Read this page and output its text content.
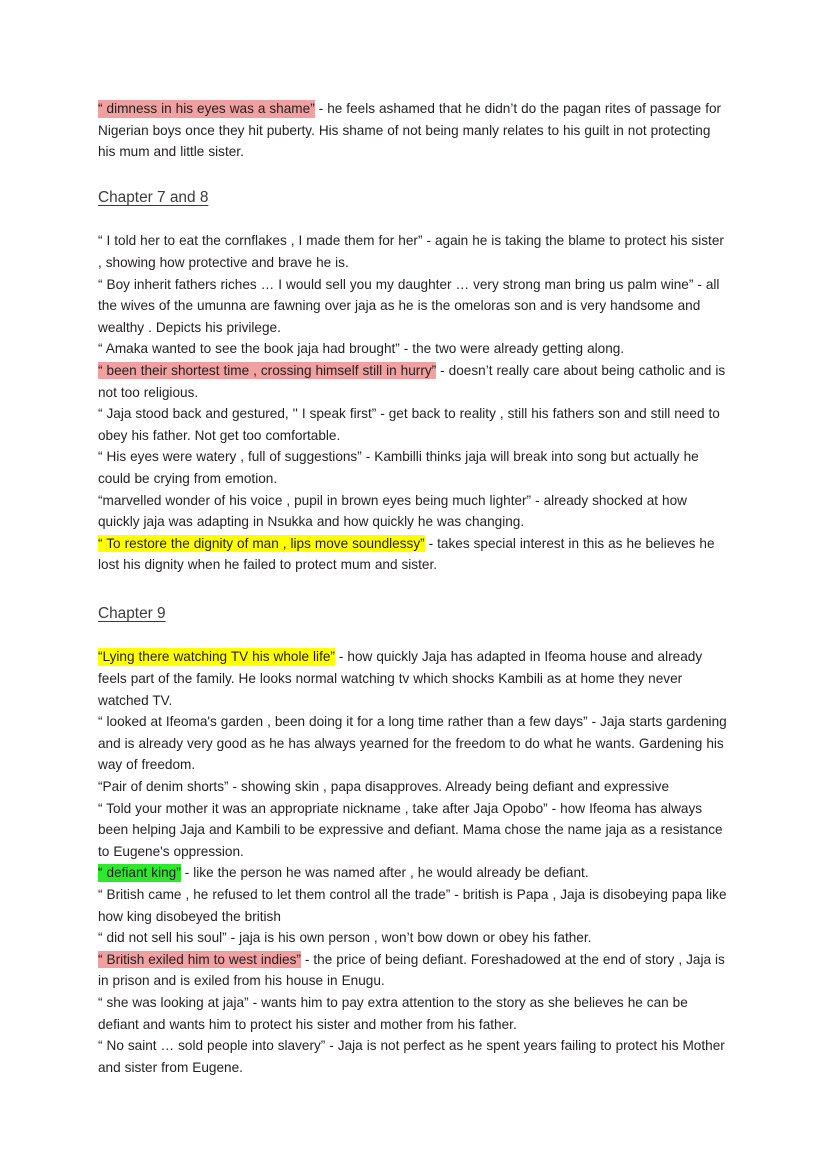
“ dimness in his eyes was a shame” - he feels ashamed that he didn’t do the pagan rites of passage for Nigerian boys once they hit puberty. His shame of not being manly relates to his guilt in not protecting his mum and little sister.

Chapter 7 and 8

“ I told her to eat the cornflakes , I made them for her” - again he is taking the blame to protect his sister , showing how protective and brave he is.

“ Boy inherit fathers riches … I would sell you my daughter … very strong man bring us palm wine” - all the wives of the umunna are fawning over jaja as he is the omeloras son and is very handsome and wealthy . Depicts his privilege.

“ Amaka wanted to see the book jaja had brought” - the two were already getting along.

“ been their shortest time , crossing himself still in hurry” - doesn’t really care about being catholic and is not too religious.

“ Jaja stood back and gestured, '' I speak first” - get back to reality , still his fathers son and still need to obey his father. Not get too comfortable.

“ His eyes were watery , full of suggestions” - Kambilli thinks jaja will break into song but actually he could be crying from emotion.

“marvelled wonder of his voice , pupil in brown eyes being much lighter” - already shocked at how quickly jaja was adapting in Nsukka and how quickly he was changing.

“ To restore the dignity of man , lips move soundlessy” - takes special interest in this as he believes he lost his dignity when he failed to protect mum and sister.

Chapter 9

“Lying there watching TV his whole life” - how quickly Jaja has adapted in Ifeoma house and already feels part of the family. He looks normal watching tv which shocks Kambili as at home they never watched TV.

“ looked at Ifeoma's garden , been doing it for a long time rather than a few days” - Jaja starts gardening and is already very good as he has always yearned for the freedom to do what he wants. Gardening his way of freedom.

“Pair of denim shorts” - showing skin , papa disapproves. Already being defiant and expressive

“ Told your mother it was an appropriate nickname , take after Jaja Opobo” - how Ifeoma has always been helping Jaja and Kambili to be expressive and defiant. Mama chose the name jaja as a resistance to Eugene's oppression.

“ defiant king” - like the person he was named after , he would already be defiant.

“ British came , he refused to let them control all the trade” - british is Papa , Jaja is disobeying papa like how king disobeyed the british

“ did not sell his soul” - jaja is his own person , won’t bow down or obey his father.

“ British exiled him to west indies” - the price of being defiant. Foreshadowed at the end of story , Jaja is in prison and is exiled from his house in Enugu.

“ she was looking at jaja” - wants him to pay extra attention to the story as she believes he can be defiant and wants him to protect his sister and mother from his father.

“ No saint … sold people into slavery” - Jaja is not perfect as he spent years failing to protect his Mother and sister from Eugene.
